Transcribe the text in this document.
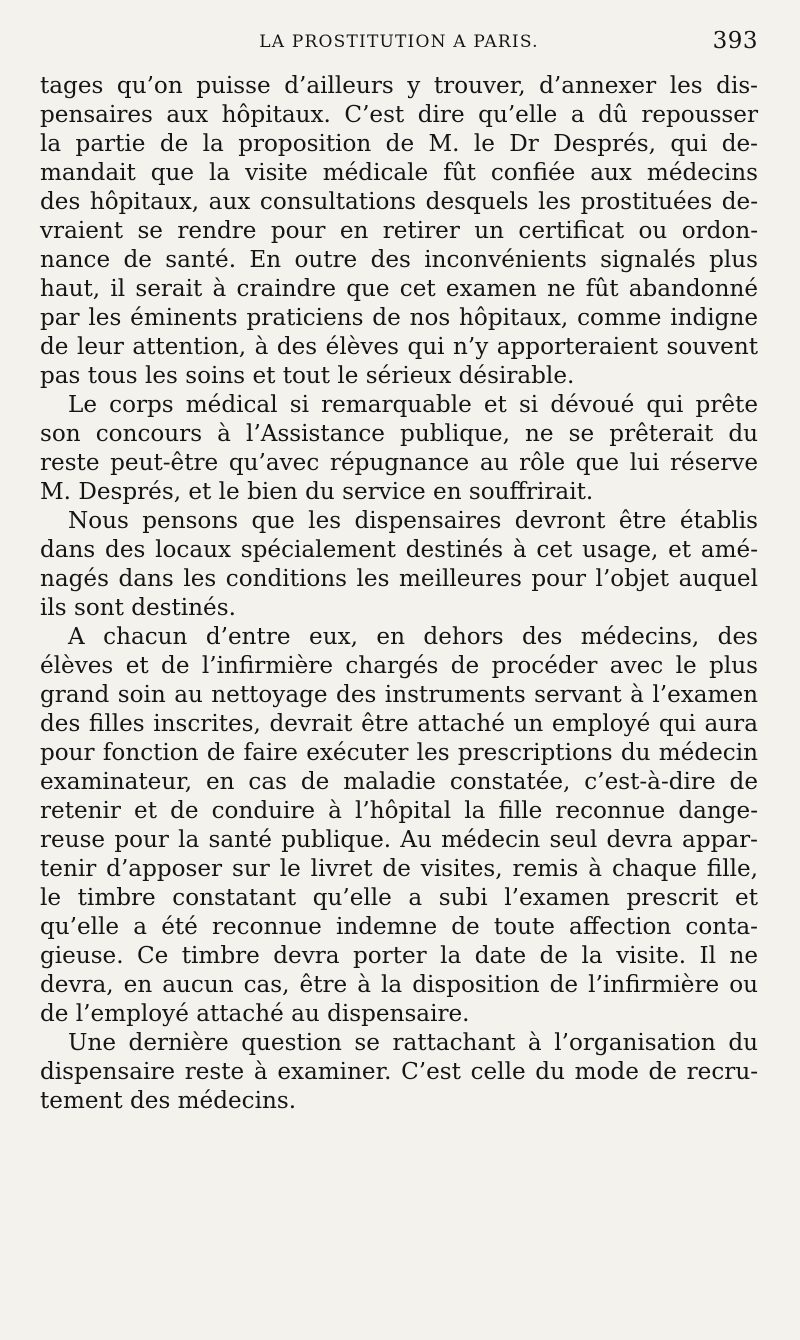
LA PROSTITUTION A PARIS.	393
tages qu’on puisse d’ailleurs y trouver, d’annexer les dis-
pensaires aux hôpitaux. C’est dire qu’elle a dû repousser
la partie de la proposition de M. le Dr Després, qui de-
mandait que la visite médicale fût confiée aux médecins
des hôpitaux, aux consultations desquels les prostituées de-
vraient se rendre pour en retirer un certificat ou ordon-
nance de santé. En outre des inconvénients signalés plus
haut, il serait à craindre que cet examen ne fût abandonné
par les éminents praticiens de nos hôpitaux, comme indigne
de leur attention, à des élèves qui n’y apporteraient souvent
pas tous les soins et tout le sérieux désirable.
Le corps médical si remarquable et si dévoué qui prête
son concours à l’Assistance publique, ne se prêterait du
reste peut-être qu’avec répugnance au rôle que lui réserve
M. Després, et le bien du service en souffrirait.
Nous pensons que les dispensaires devront être établis
dans des locaux spécialement destinés à cet usage, et amé-
nagés dans les conditions les meilleures pour l’objet auquel
ils sont destinés.
A chacun d’entre eux, en dehors des médecins, des
élèves et de l’infirmière chargés de procéder avec le plus
grand soin au nettoyage des instruments servant à l’examen
des filles inscrites, devrait être attaché un employé qui aura
pour fonction de faire exécuter les prescriptions du médecin
examinateur, en cas de maladie constatée, c’est-à-dire de
retenir et de conduire à l’hôpital la fille reconnue dange-
reuse pour la santé publique. Au médecin seul devra appar-
tenir d’apposer sur le livret de visites, remis à chaque fille,
le timbre constatant qu’elle a subi l’examen prescrit et
qu’elle a été reconnue indemne de toute affection conta-
gieuse. Ce timbre devra porter la date de la visite. Il ne
devra, en aucun cas, être à la disposition de l’infirmière ou
de l’employé attaché au dispensaire.
Une dernière question se rattachant à l’organisation du
dispensaire reste à examiner. C’est celle du mode de recru-
tement des médecins.
